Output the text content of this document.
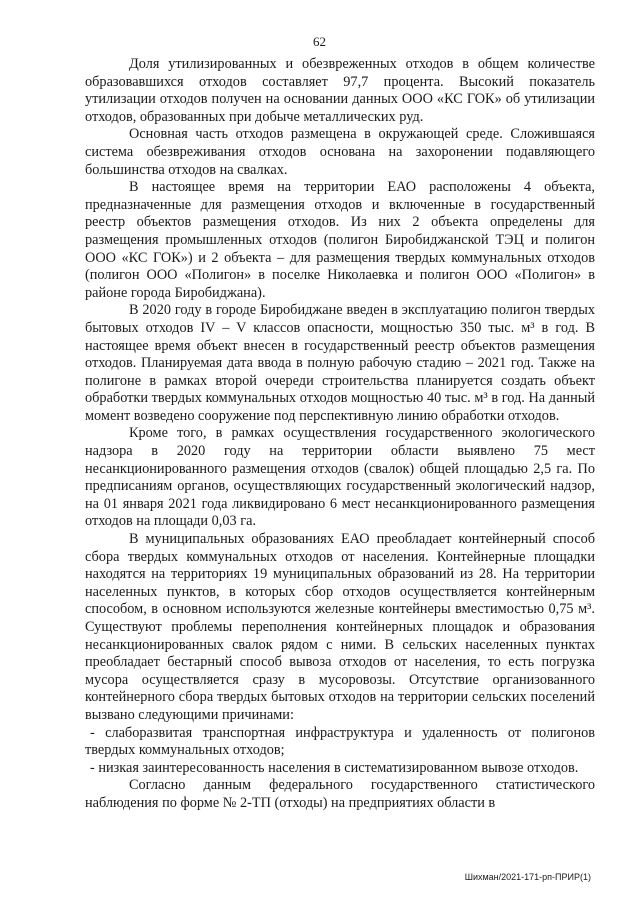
62

Доля утилизированных и обезвреженных отходов в общем количестве образовавшихся отходов составляет 97,7 процента. Высокий показатель утилизации отходов получен на основании данных ООО «КС ГОК» об утилизации отходов, образованных при добыче металлических руд.

Основная часть отходов размещена в окружающей среде. Сложившаяся система обезвреживания отходов основана на захоронении подавляющего большинства отходов на свалках.

В настоящее время на территории ЕАО расположены 4 объекта, предназначенные для размещения отходов и включенные в государственный реестр объектов размещения отходов. Из них 2 объекта определены для размещения промышленных отходов (полигон Биробиджанской ТЭЦ и полигон ООО «КС ГОК») и 2 объекта – для размещения твердых коммунальных отходов (полигон ООО «Полигон» в поселке Николаевка и полигон ООО «Полигон» в районе города Биробиджана).

В 2020 году в городе Биробиджане введен в эксплуатацию полигон твердых бытовых отходов IV – V классов опасности, мощностью 350 тыс. м³ в год. В настоящее время объект внесен в государственный реестр объектов размещения отходов. Планируемая дата ввода в полную рабочую стадию – 2021 год. Также на полигоне в рамках второй очереди строительства планируется создать объект обработки твердых коммунальных отходов мощностью 40 тыс. м³ в год. На данный момент возведено сооружение под перспективную линию обработки отходов.

Кроме того, в рамках осуществления государственного экологического надзора в 2020 году на территории области выявлено 75 мест несанкционированного размещения отходов (свалок) общей площадью 2,5 га. По предписаниям органов, осуществляющих государственный экологический надзор, на 01 января 2021 года ликвидировано 6 мест несанкционированного размещения отходов на площади 0,03 га.

В муниципальных образованиях ЕАО преобладает контейнерный способ сбора твердых коммунальных отходов от населения. Контейнерные площадки находятся на территориях 19 муниципальных образований из 28. На территории населенных пунктов, в которых сбор отходов осуществляется контейнерным способом, в основном используются железные контейнеры вместимостью 0,75 м³. Существуют проблемы переполнения контейнерных площадок и образования несанкционированных свалок рядом с ними. В сельских населенных пунктах преобладает бестарный способ вывоза отходов от населения, то есть погрузка мусора осуществляется сразу в мусоровозы. Отсутствие организованного контейнерного сбора твердых бытовых отходов на территории сельских поселений вызвано следующими причинами:

- слаборазвитая транспортная инфраструктура и удаленность от полигонов твердых коммунальных отходов;

- низкая заинтересованность населения в систематизированном вывозе отходов.

Согласно данным федерального государственного статистического наблюдения по форме № 2-ТП (отходы) на предприятиях области в

Шихман/2021-171-рп-ПРИР(1)
